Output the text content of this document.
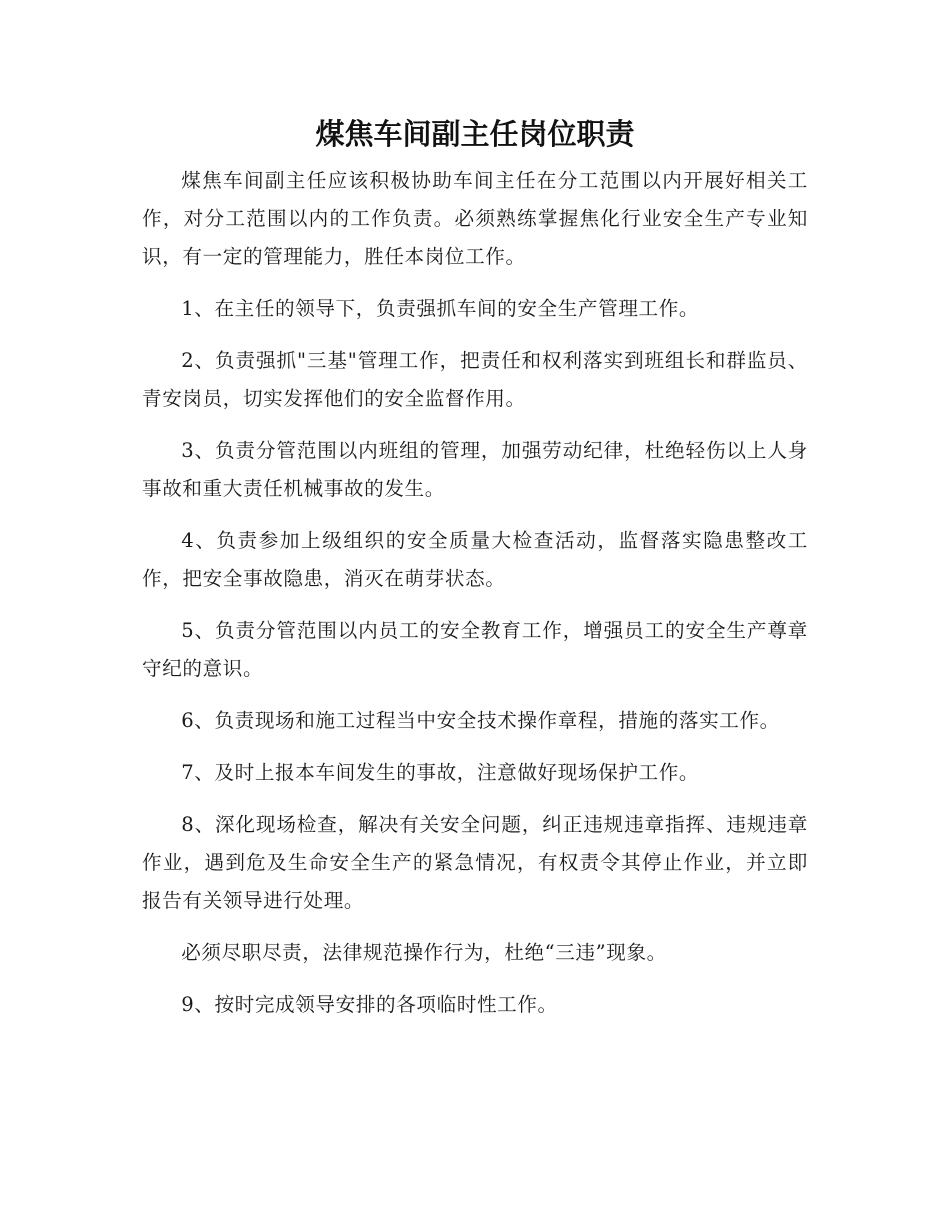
煤焦车间副主任岗位职责

煤焦车间副主任应该积极协助车间主任在分工范围以内开展好相关工作，对分工范围以内的工作负责。必须熟练掌握焦化行业安全生产专业知识，有一定的管理能力，胜任本岗位工作。

1、在主任的领导下，负责强抓车间的安全生产管理工作。

2、负责强抓"三基"管理工作，把责任和权利落实到班组长和群监员、青安岗员，切实发挥他们的安全监督作用。

3、负责分管范围以内班组的管理，加强劳动纪律，杜绝轻伤以上人身事故和重大责任机械事故的发生。

4、负责参加上级组织的安全质量大检查活动，监督落实隐患整改工作，把安全事故隐患，消灭在萌芽状态。

5、负责分管范围以内员工的安全教育工作，增强员工的安全生产尊章守纪的意识。

6、负责现场和施工过程当中安全技术操作章程，措施的落实工作。

7、及时上报本车间发生的事故，注意做好现场保护工作。

8、深化现场检查，解决有关安全问题，纠正违规违章指挥、违规违章作业，遇到危及生命安全生产的紧急情况，有权责令其停止作业，并立即报告有关领导进行处理。

必须尽职尽责，法律规范操作行为，杜绝“三违”现象。

9、按时完成领导安排的各项临时性工作。
